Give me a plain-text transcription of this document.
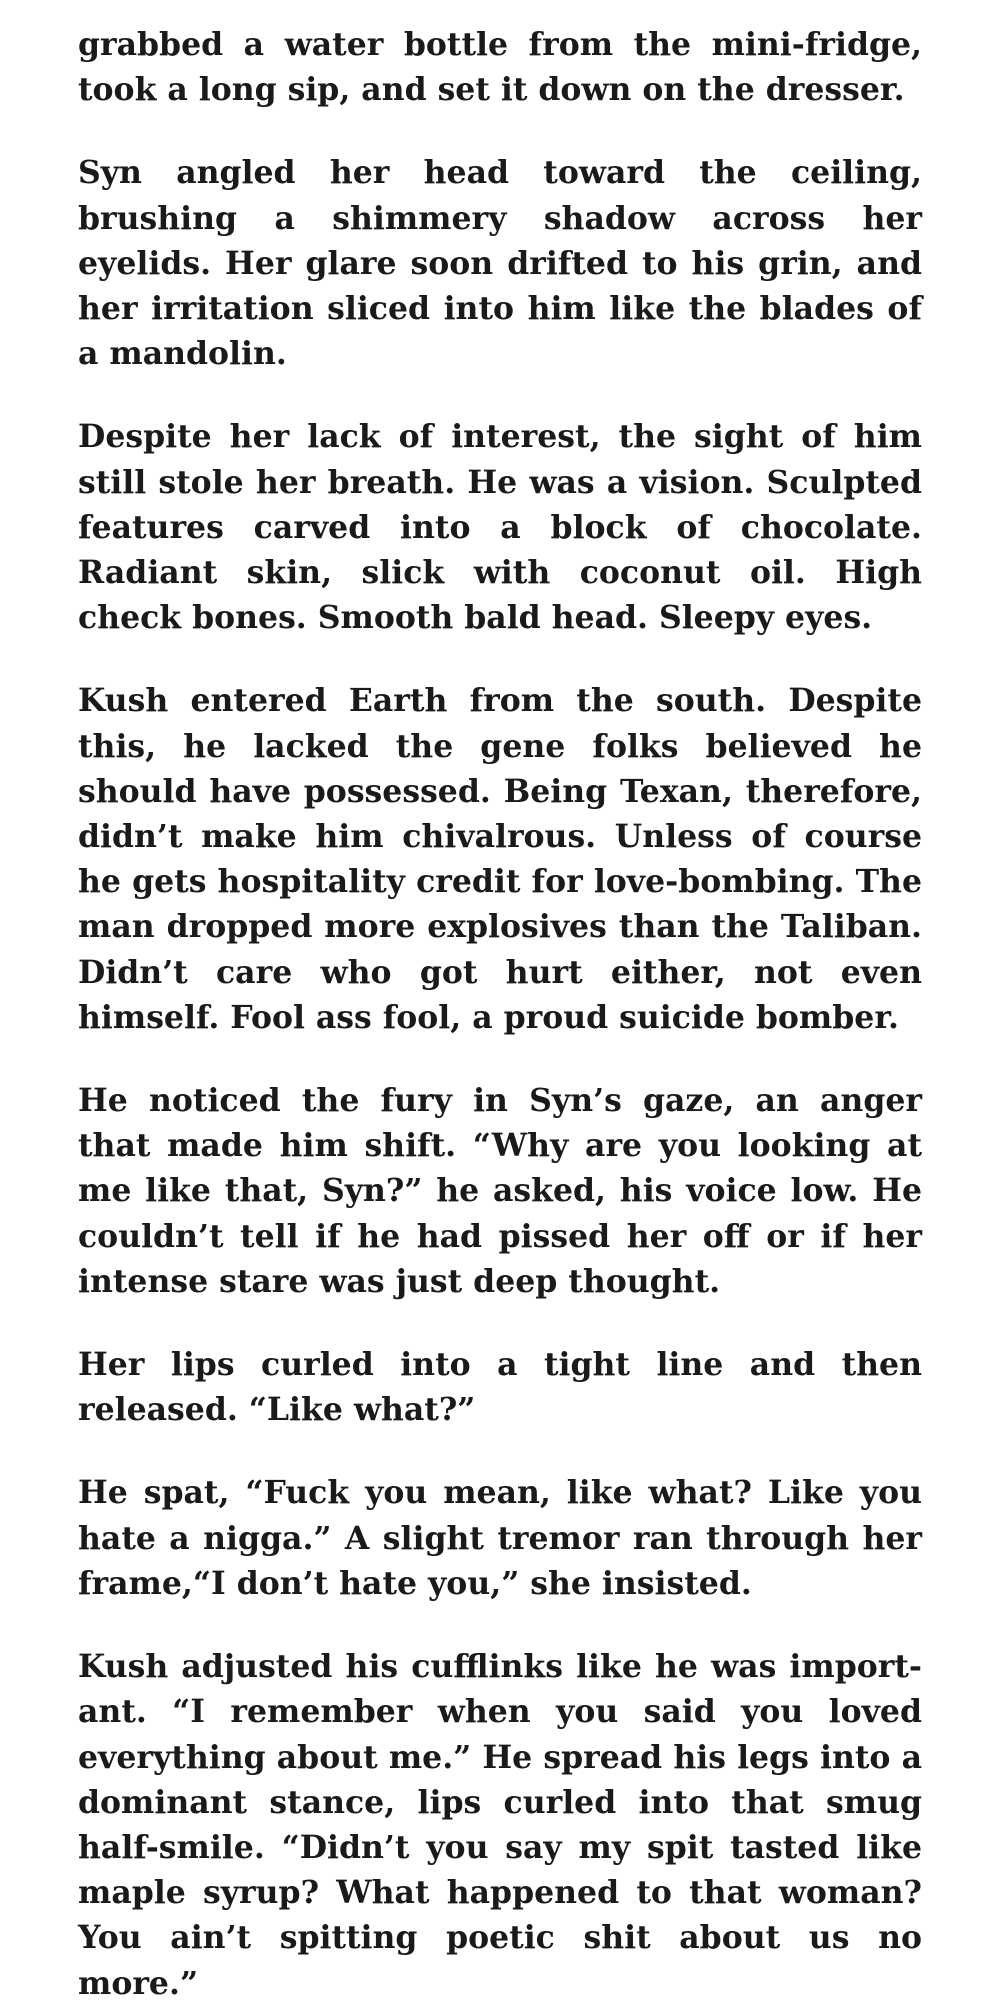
grabbed a water bottle from the mini-fridge, took a long sip, and set it down on the dresser.

Syn angled her head toward the ceiling, brushing a shimmery shadow across her eyelids. Her glare soon drifted to his grin, and her irritation sliced into him like the blades of a mandolin.

Despite her lack of interest, the sight of him still stole her breath. He was a vision. Sculpted features carved into a block of chocolate. Radiant skin, slick with coconut oil. High check bones. Smooth bald head. Sleepy eyes.

Kush entered Earth from the south. Despite this, he lacked the gene folks believed he should have possessed. Being Texan, therefore, didn’t make him chivalrous. Unless of course he gets hospitality credit for love-bombing. The man dropped more explosives than the Taliban. Didn’t care who got hurt either, not even himself. Fool ass fool, a proud suicide bomber.

He noticed the fury in Syn’s gaze, an anger that made him shift. “Why are you looking at me like that, Syn?” he asked, his voice low. He couldn’t tell if he had pissed her off or if her intense stare was just deep thought.

Her lips curled into a tight line and then released. “Like what?”

He spat, “Fuck you mean, like what? Like you hate a nigga.” A slight tremor ran through her frame,“I don’t hate you,” she insisted.

Kush adjusted his cufflinks like he was important. “I remember when you said you loved everything about me.” He spread his legs into a dominant stance, lips curled into that smug half-smile. “Didn’t you say my spit tasted like maple syrup? What happened to that woman? You ain’t spitting poetic shit about us no more.”
